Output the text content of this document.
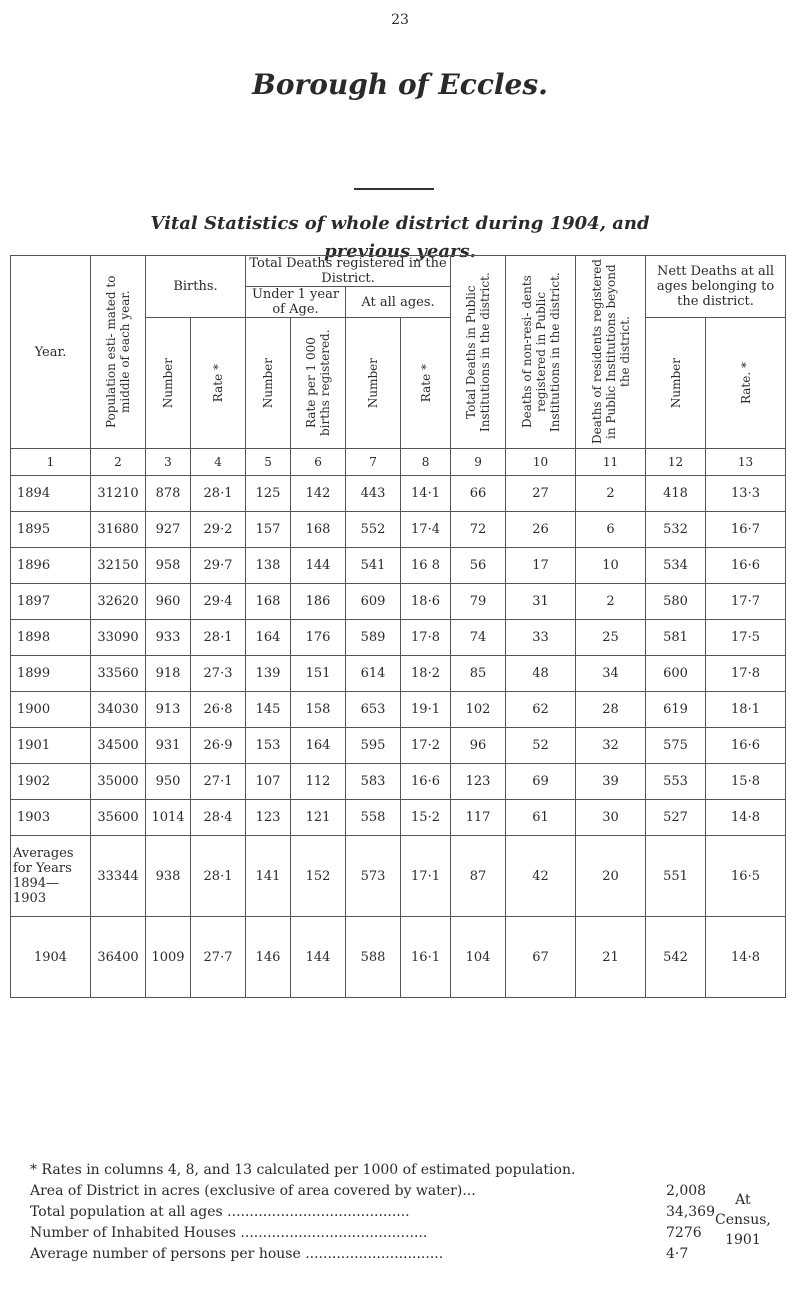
23
Borough of Eccles.
Vital Statistics of whole district during 1904, and
previous years.
Year.	Population esti- mated to middle of each year.	Births.		Total Deaths registered in the District.				Total Deaths in Public Institutions in the district.	Deaths of non-resi- dents registered in Public Institutions in the district.	Deaths of residents registered in Public Institutions beyond the district.	Nett Deaths at all ages belonging to the district.	
				Under 1 year of Age.		At all ages.						

		Number	Rate *	Number	Rate per 1 000 births registered.	Number	Rate *				Number	Rate. *

1	2	3	4	5	6	7	8	9	10	11	12	13
1894	31210	878	28·1	125	142	443	14·1	66	27	2	418	13·3
1895	31680	927	29·2	157	168	552	17·4	72	26	6	532	16·7
1896	32150	958	29·7	138	144	541	16 8	56	17	10	534	16·6
1897	32620	960	29·4	168	186	609	18·6	79	31	2	580	17·7
1898	33090	933	28·1	164	176	589	17·8	74	33	25	581	17·5
1899	33560	918	27·3	139	151	614	18·2	85	48	34	600	17·8
1900	34030	913	26·8	145	158	653	19·1	102	62	28	619	18·1
1901	34500	931	26·9	153	164	595	17·2	96	52	32	575	16·6
1902	35000	950	27·1	107	112	583	16·6	123	69	39	553	15·8
1903	35600	1014	28·4	123	121	558	15·2	117	61	30	527	14·8
Averages for Years 1894—1903	33344	938	28·1	141	152	573	17·1	87	42	20	551	16·5
1904	36400	1009	27·7	146	144	588	16·1	104	67	21	542	14·8
* Rates in columns 4, 8, and 13 calculated per 1000 of estimated population.
Area of District in acres (exclusive of area covered by water)...	2,008
Total population at all ages .........................................	34,369
Number of Inhabited Houses ..........................................	7276
Average number of persons per house ...............................	4·7
At
Census,
1901
